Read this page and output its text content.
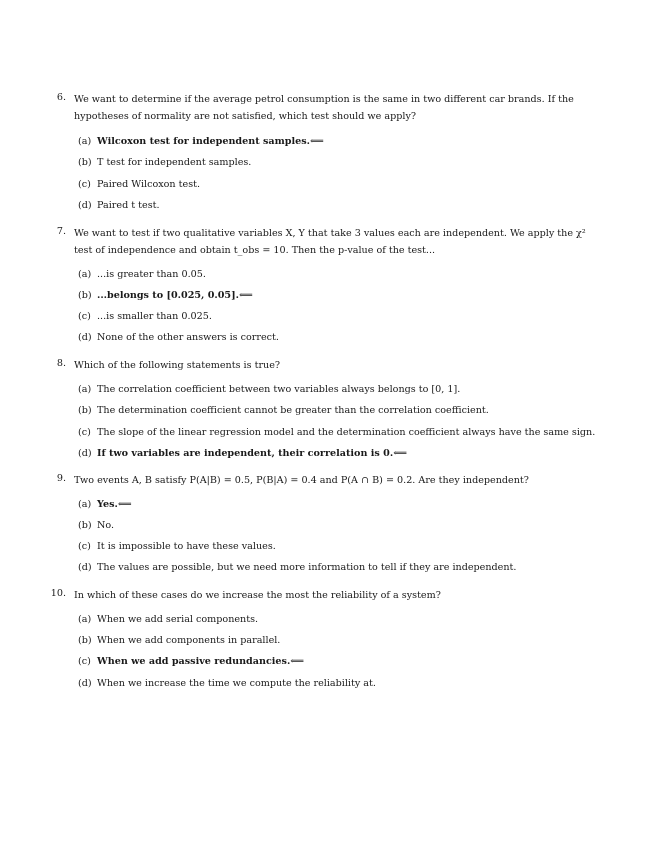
6. We want to determine if the average petrol consumption is the same in two different car brands. If the hypotheses of normality are not satisfied, which test should we apply?
(a) Wilcoxon test for independent samples.⟸
(b) T test for independent samples.
(c) Paired Wilcoxon test.
(d) Paired t test.
7. We want to test if two qualitative variables X, Y that take 3 values each are independent. We apply the χ² test of independence and obtain t_obs = 10. Then the p-value of the test...
(a) ...is greater than 0.05.
(b) ...belongs to [0.025, 0.05].⟸
(c) ...is smaller than 0.025.
(d) None of the other answers is correct.
8. Which of the following statements is true?
(a) The correlation coefficient between two variables always belongs to [0, 1].
(b) The determination coefficient cannot be greater than the correlation coefficient.
(c) The slope of the linear regression model and the determination coefficient always have the same sign.
(d) If two variables are independent, their correlation is 0.⟸
9. Two events A, B satisfy P(A|B) = 0.5, P(B|A) = 0.4 and P(A ∩ B) = 0.2. Are they independent?
(a) Yes.⟸
(b) No.
(c) It is impossible to have these values.
(d) The values are possible, but we need more information to tell if they are independent.
10. In which of these cases do we increase the most the reliability of a system?
(a) When we add serial components.
(b) When we add components in parallel.
(c) When we add passive redundancies.⟸
(d) When we increase the time we compute the reliability at.
